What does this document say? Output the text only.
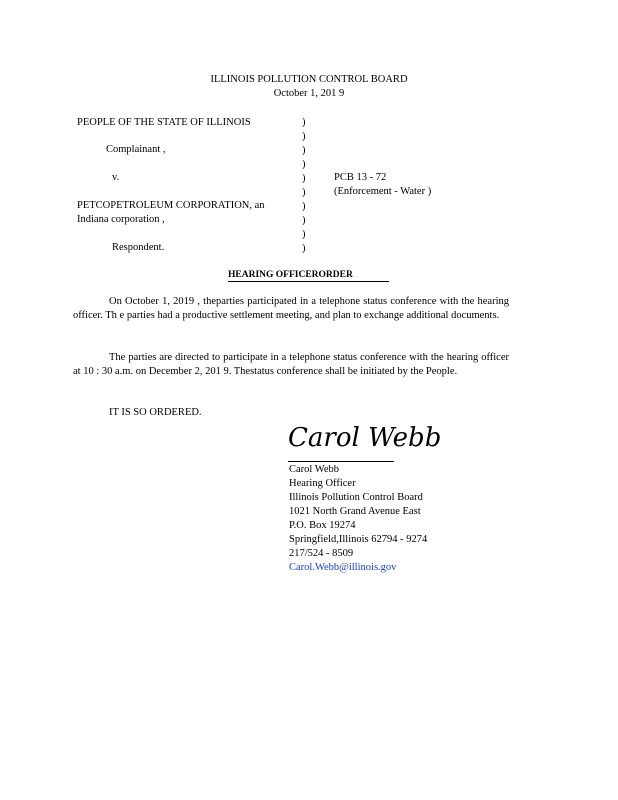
ILLINOIS POLLUTION CONTROL BOARD
October 1, 201 9
PEOPLE OF THE STATE OF ILLINOIS
Complainant ,
v.
PETCOPETROLEUM CORPORATION, an
Indiana corporation ,
Respondent.
)
)
)
)
)
)
)
)
)
)
PCB 13 - 72
(Enforcement - Water )
HEARING OFFICERORDER
On October 1, 2019 , theparties participated in a telephone status conference with the hearing officer. Th e parties had a productive settlement meeting, and plan to exchange additional documents.
The parties are directed to participate in a telephone status conference with the hearing officer at 10 : 30 a.m. on December 2, 201 9. Thestatus conference shall be initiated by the People.
IT IS SO ORDERED.
Carol Webb
Carol Webb
Hearing Officer
Illinois Pollution Control Board
1021 North Grand Avenue East
P.O. Box 19274
Springfield,Illinois 62794 - 9274
217/524 - 8509
Carol.Webb@illinois.gov
